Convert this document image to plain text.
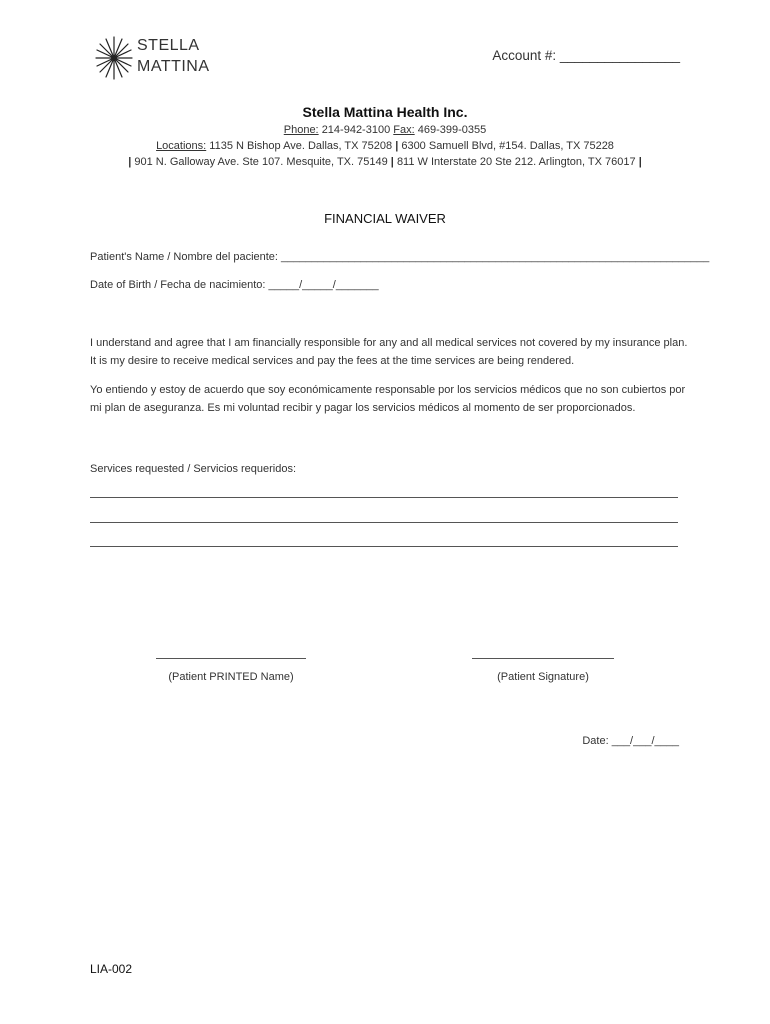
STELLA
MATTINA
Account #: ________________
Stella Mattina Health Inc.
Phone: 214-942-3100 Fax: 469-399-0355
Locations: 1135 N Bishop Ave. Dallas, TX 75208 | 6300 Samuell Blvd, #154. Dallas, TX 75228
| 901 N. Galloway Ave. Ste 107. Mesquite, TX. 75149 | 811 W Interstate 20 Ste 212. Arlington, TX 76017 |
FINANCIAL WAIVER
Patient's Name / Nombre del paciente: ______________________________________________________________________
Date of Birth / Fecha de nacimiento: _____/_____/_______
I understand and agree that I am financially responsible for any and all medical services not covered by my insurance plan. It is my desire to receive medical services and pay the fees at the time services are being rendered.
Yo entiendo y estoy de acuerdo que soy económicamente responsable por los servicios médicos que no son cubiertos por mi plan de aseguranza. Es mi voluntad recibir y pagar los servicios médicos al momento de ser proporcionados.
Services requested / Servicios requeridos:
(Patient PRINTED Name)	(Patient Signature)
Date: ___/___/____
LIA-002
